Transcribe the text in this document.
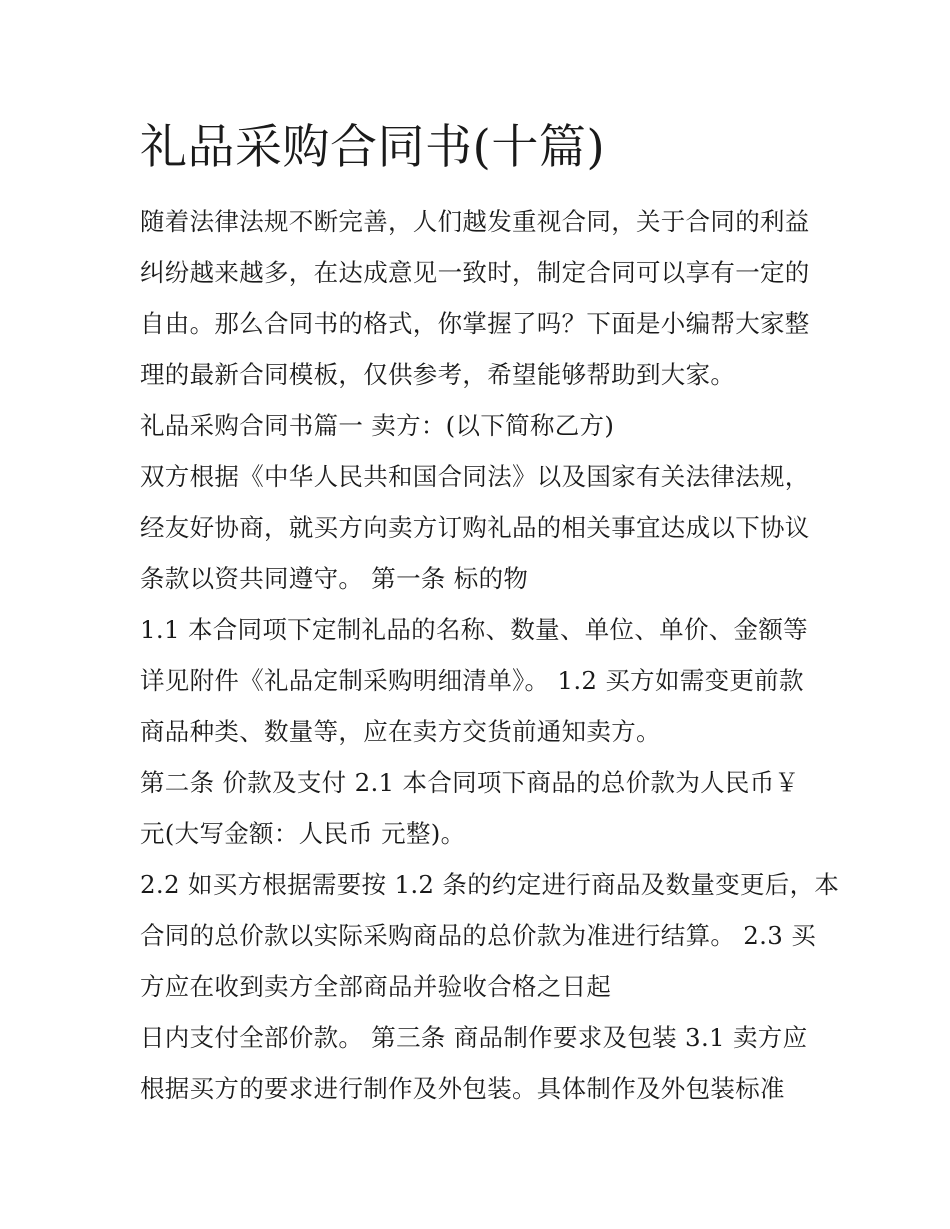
礼品采购合同书(十篇)
随着法律法规不断完善，人们越发重视合同，关于合同的利益
纠纷越来越多，在达成意见一致时，制定合同可以享有一定的
自由。那么合同书的格式，你掌握了吗？下面是小编帮大家整
理的最新合同模板，仅供参考，希望能够帮助到大家。
礼品采购合同书篇一 卖方：(以下简称乙方)
双方根据《中华人民共和国合同法》以及国家有关法律法规，
经友好协商，就买方向卖方订购礼品的相关事宜达成以下协议
条款以资共同遵守。 第一条 标的物
1.1 本合同项下定制礼品的名称、数量、单位、单价、金额等
详见附件《礼品定制采购明细清单》。 1.2 买方如需变更前款
商品种类、数量等，应在卖方交货前通知卖方。
第二条 价款及支付 2.1 本合同项下商品的总价款为人民币￥
元(大写金额：人民币 元整)。
2.2 如买方根据需要按 1.2 条的约定进行商品及数量变更后，本
合同的总价款以实际采购商品的总价款为准进行结算。 2.3 买
方应在收到卖方全部商品并验收合格之日起
日内支付全部价款。 第三条 商品制作要求及包装 3.1 卖方应
根据买方的要求进行制作及外包装。具体制作及外包装标准
